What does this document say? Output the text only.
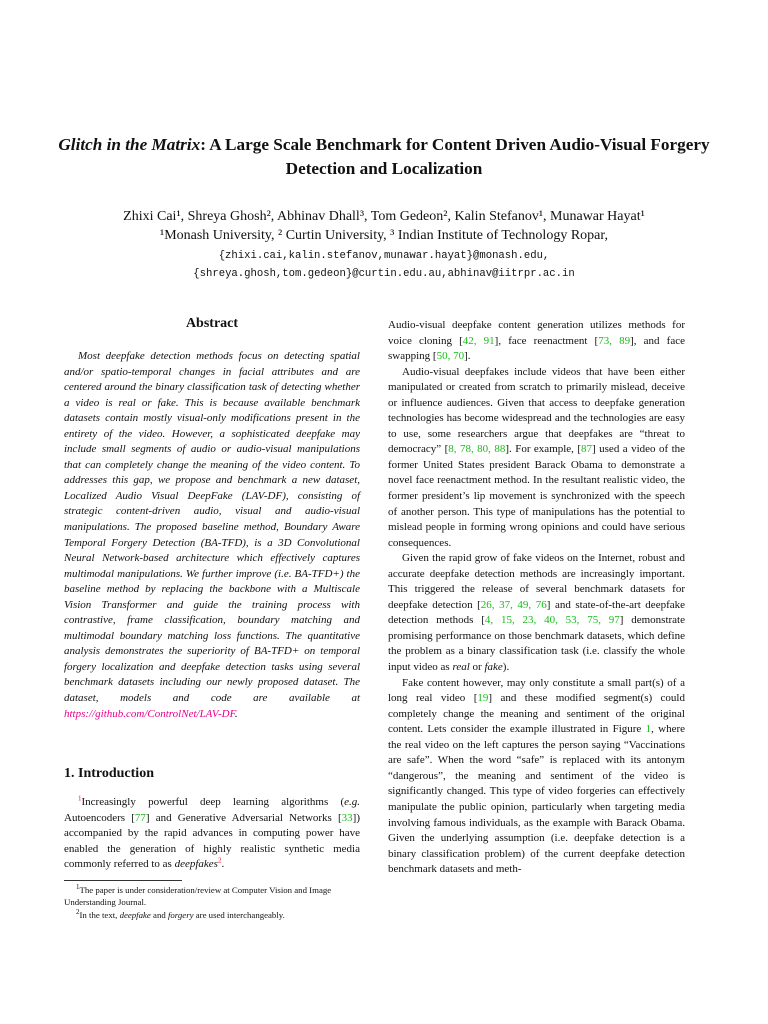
Glitch in the Matrix: A Large Scale Benchmark for Content Driven Audio-Visual Forgery Detection and Localization
Zhixi Cai¹, Shreya Ghosh², Abhinav Dhall³, Tom Gedeon², Kalin Stefanov¹, Munawar Hayat¹
¹Monash University, ² Curtin University, ³ Indian Institute of Technology Ropar,
{zhixi.cai,kalin.stefanov,munawar.hayat}@monash.edu,
{shreya.ghosh,tom.gedeon}@curtin.edu.au,abhinav@iitrpr.ac.in
Abstract

Most deepfake detection methods focus on detecting spatial and/or spatio-temporal changes in facial attributes and are centered around the binary classification task of detecting whether a video is real or fake. This is because available benchmark datasets contain mostly visual-only modifications present in the entirety of the video. However, a sophisticated deepfake may include small segments of audio or audio-visual manipulations that can completely change the meaning of the video content. To addresses this gap, we propose and benchmark a new dataset, Localized Audio Visual DeepFake (LAV-DF), consisting of strategic content-driven audio, visual and audio-visual manipulations. The proposed baseline method, Boundary Aware Temporal Forgery Detection (BA-TFD), is a 3D Convolutional Neural Network-based architecture which effectively captures multimodal manipulations. We further improve (i.e. BA-TFD+) the baseline method by replacing the backbone with a Multiscale Vision Transformer and guide the training process with contrastive, frame classification, boundary matching and multimodal boundary matching loss functions. The quantitative analysis demonstrates the superiority of BA-TFD+ on temporal forgery localization and deepfake detection tasks using several benchmark datasets including our newly proposed dataset. The dataset, models and code are available at https://github.com/ControlNet/LAV-DF.

1. Introduction

$^1$Increasingly powerful deep learning algorithms (e.g. Autoencoders [77] and Generative Adversarial Networks [33]) accompanied by the rapid advances in computing power have enabled the generation of highly realistic synthetic media commonly referred to as deepfakes$^2$.

$^1$The paper is under consideration/review at Computer Vision and Image Understanding Journal.
$^2$In the text, deepfake and forgery are used interchangeably.

Audio-visual deepfake content generation utilizes methods for voice cloning [42, 91], face reenactment [73, 89], and face swapping [50, 70].

Audio-visual deepfakes include videos that have been either manipulated or created from scratch to primarily mislead, deceive or influence audiences. Given that access to deepfake generation technologies has become widespread and the technologies are easy to use, some researchers argue that deepfakes are “threat to democracy” [8, 78, 80, 88]. For example, [87] used a video of the former United States president Barack Obama to demonstrate a novel face reenactment method. In the resultant realistic video, the former president’s lip movement is synchronized with the speech of another person. This type of manipulations has the potential to mislead people in forming wrong opinions and could have serious consequences.

Given the rapid grow of fake videos on the Internet, robust and accurate deepfake detection methods are increasingly important. This triggered the release of several benchmark datasets for deepfake detection [26, 37, 49, 76] and state-of-the-art deepfake detection methods [4, 15, 23, 40, 53, 75, 97] demonstrate promising performance on those benchmark datasets, which define the problem as a binary classification task (i.e. classify the whole input video as real or fake).

Fake content however, may only constitute a small part(s) of a long real video [19] and these modified segment(s) could completely change the meaning and sentiment of the original content. Lets consider the example illustrated in Figure 1, where the real video on the left captures the person saying “Vaccinations are safe”. When the word “safe” is replaced with its antonym “dangerous”, the meaning and sentiment of the video is significantly changed. This type of video forgeries can effectively manipulate the public opinion, particularly when targeting media involving famous individuals, as the example with Barack Obama. Given the underlying assumption (i.e. deepfake detection is a binary classification problem) of the current deepfake detection benchmark datasets and meth-
